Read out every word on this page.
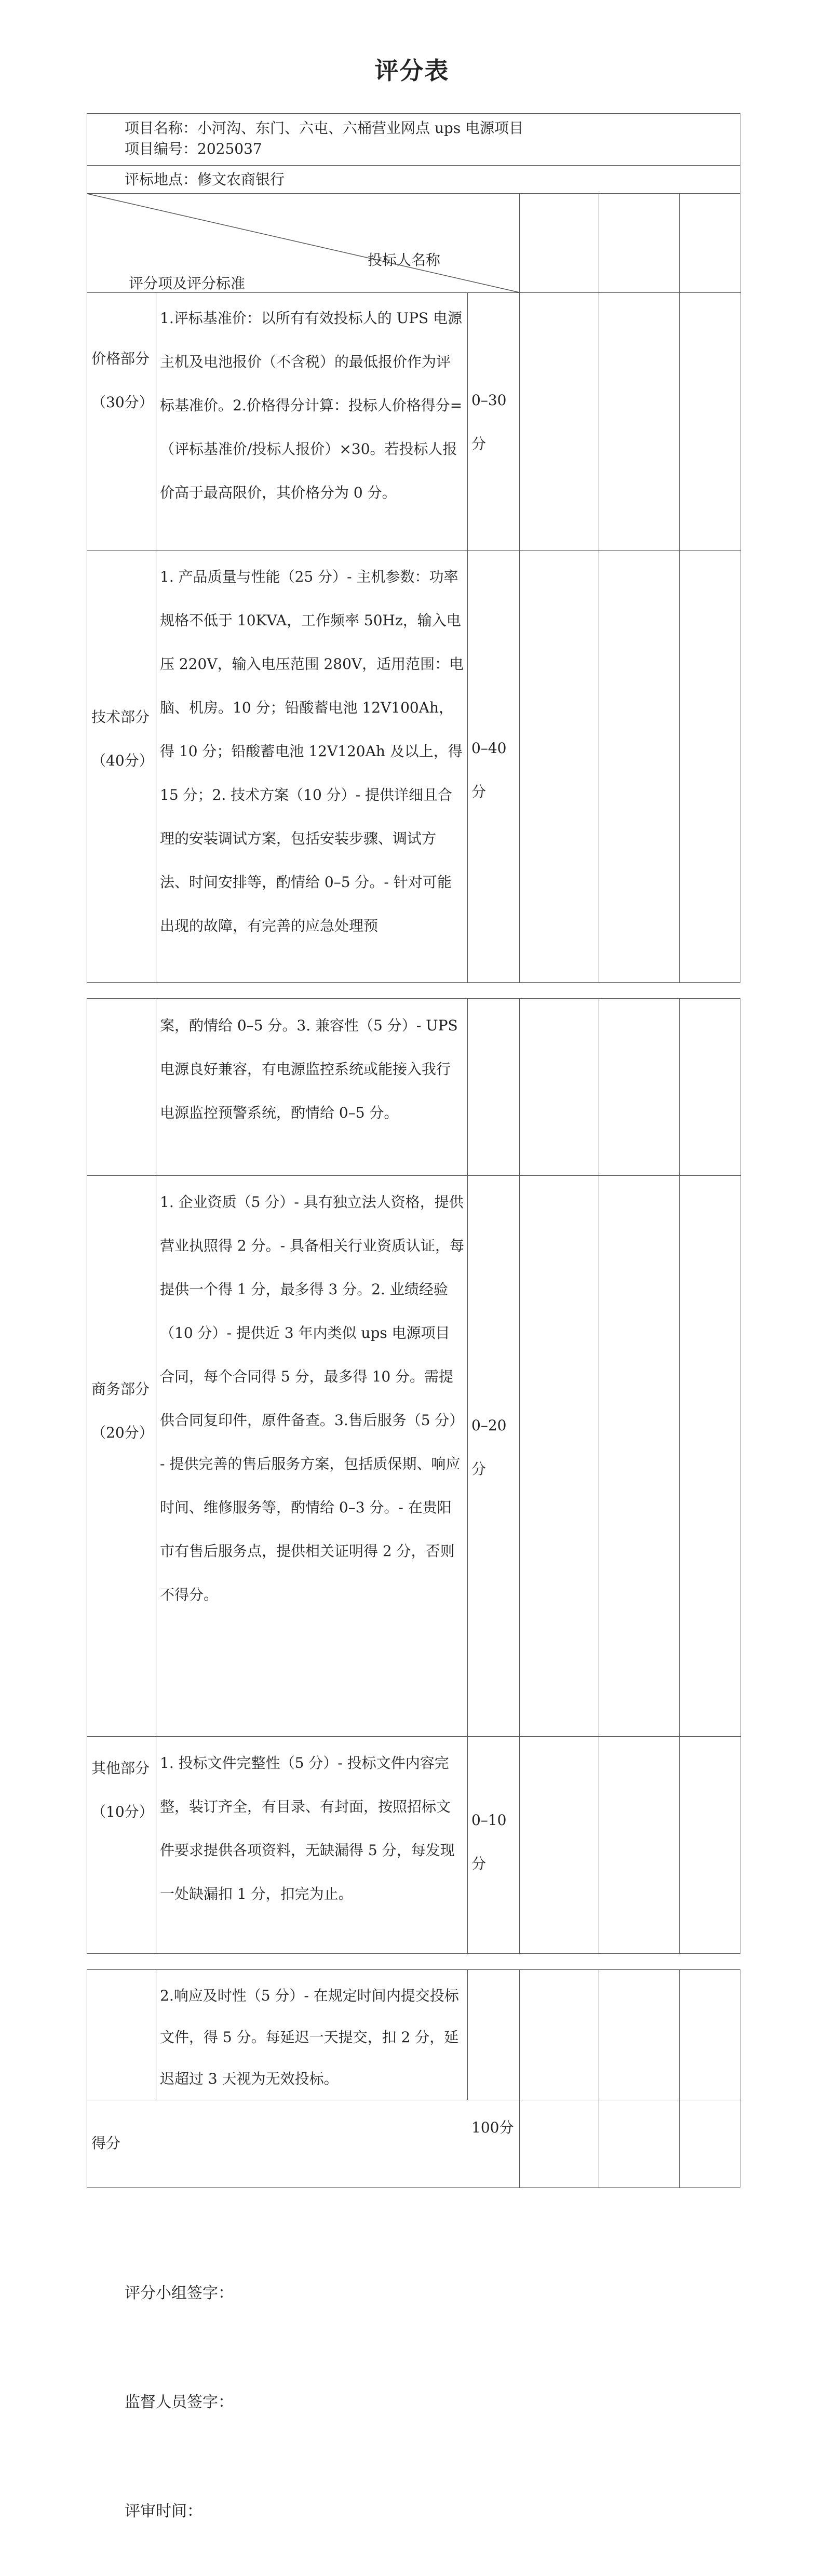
评分表
项目名称：小河沟、东门、六屯、六桶营业网点 ups 电源项目
项目编号：2025037
评标地点：修文农商银行
投标人名称
评分项及评分标准
价格部分（30分）
1.评标基准价：以所有有效投标人的 UPS 电源主机及电池报价（不含税）的最低报价作为评标基准价。2.价格得分计算：投标人价格得分=（评标基准价/投标人报价）×30。若投标人报价高于最高限价，其价格分为 0 分。
0–30分
技术部分（40分）
1. 产品质量与性能（25 分）- 主机参数：功率规格不低于 10KVA，工作频率 50Hz，输入电压 220V，输入电压范围 280V，适用范围：电脑、机房。10 分；铅酸蓄电池 12V100Ah，得 10 分；铅酸蓄电池 12V120Ah 及以上，得 15 分；2. 技术方案（10 分）- 提供详细且合理的安装调试方案，包括安装步骤、调试方法、时间安排等，酌情给 0–5 分。- 针对可能出现的故障，有完善的应急处理预
0–40分
案，酌情给 0–5 分。3. 兼容性（5 分）- UPS 电源良好兼容，有电源监控系统或能接入我行电源监控预警系统，酌情给 0–5 分。
商务部分（20分）
1. 企业资质（5 分）- 具有独立法人资格，提供营业执照得 2 分。- 具备相关行业资质认证，每提供一个得 1 分，最多得 3 分。2. 业绩经验（10 分）- 提供近 3 年内类似 ups 电源项目合同，每个合同得 5 分，最多得 10 分。需提供合同复印件，原件备查。3.售后服务（5 分）- 提供完善的售后服务方案，包括质保期、响应时间、维修服务等，酌情给 0–3 分。- 在贵阳市有售后服务点，提供相关证明得 2 分，否则不得分。
0–20分
其他部分（10分）
1. 投标文件完整性（5 分）- 投标文件内容完整，装订齐全，有目录、有封面，按照招标文件要求提供各项资料，无缺漏得 5 分，每发现一处缺漏扣 1 分，扣完为止。
0–10分
2.响应及时性（5 分）- 在规定时间内提交投标文件，得 5 分。每延迟一天提交，扣 2 分，延迟超过 3 天视为无效投标。
得分
100分
评分小组签字：
监督人员签字：
评审时间：
